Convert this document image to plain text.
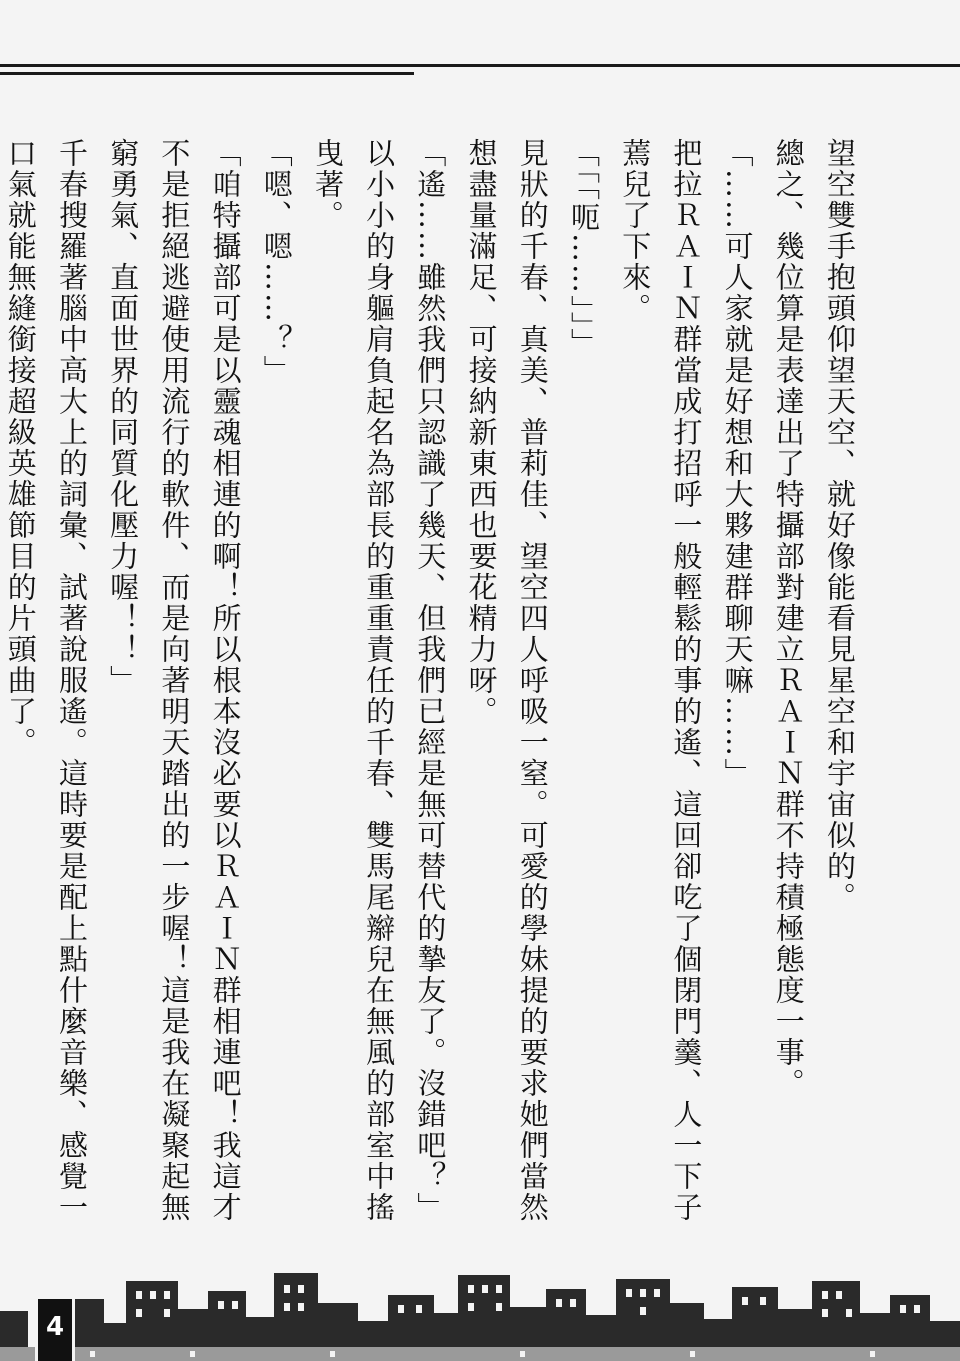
望空雙手抱頭仰望天空、就好像能看見星空和宇宙似的。

總之、幾位算是表達出了特攝部對建立ＲＡＩＮ群不持積極態度一事。

「……可人家就是好想和大夥建群聊天嘛……」

把拉ＲＡＩＮ群當成打招呼一般輕鬆的事的遙、這回卻吃了個閉門羹、人一下子蔫兒了下來。

「「「呃……」」」

見狀的千春、真美、普莉佳、望空四人呼吸一窒。可愛的學妹提的要求她們當然想盡量滿足、可接納新東西也要花精力呀。

「遙……雖然我們只認識了幾天、但我們已經是無可替代的摯友了。沒錯吧？」

以小小的身軀肩負起名為部長的重重責任的千春、雙馬尾辮兒在無風的部室中搖曳著。

「嗯、嗯……？」

「咱特攝部可是以靈魂相連的啊！所以根本沒必要以ＲＡＩＮ群相連吧！我這才不是拒絕逃避使用流行的軟件、而是向著明天踏出的一步喔！這是我在凝聚起無窮勇氣、直面世界的同質化壓力喔！！」

千春搜羅著腦中高大上的詞彙、試著說服遙。這時要是配上點什麼音樂、感覺一口氣就能無縫銜接超級英雄節目的片頭曲了。

4
